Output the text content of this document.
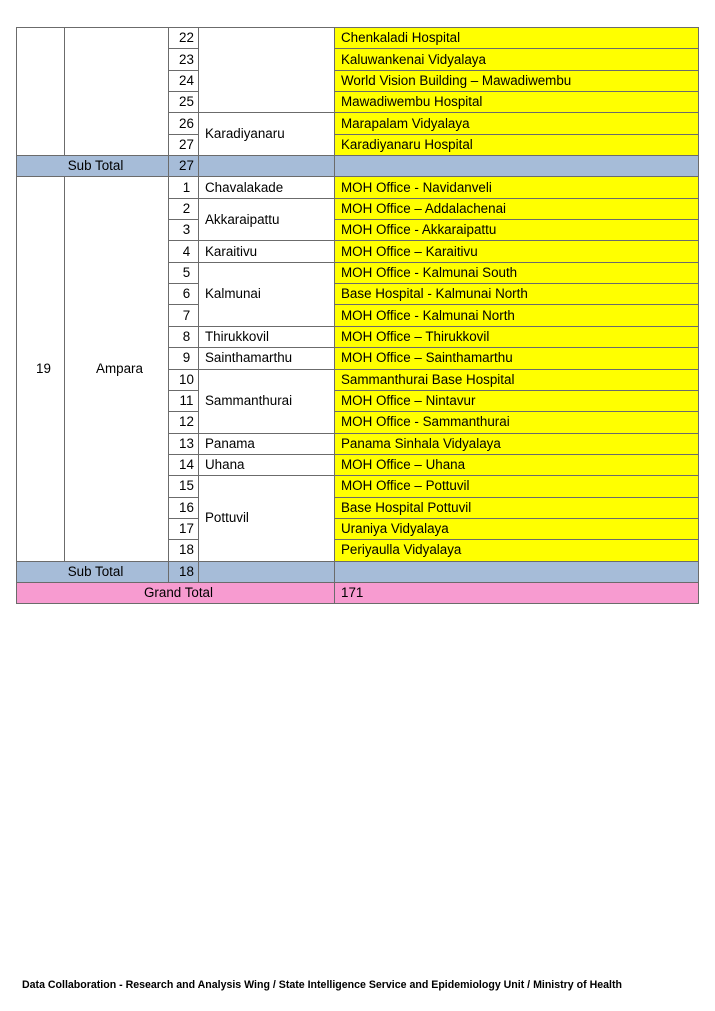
		22		Chenkaladi Hospital
		23		Kaluwankenai Vidyalaya
		24		World Vision Building – Mawadiwembu
		25		Mawadiwembu Hospital
		26	Karadiyanaru	Marapalam Vidyalaya
		27		Karadiyanaru Hospital
Sub Total		27		
19	Ampara	1	Chavalakade	MOH Office - Navidanveli
		2	Akkaraipattu	MOH Office – Addalachenai
		3		MOH Office - Akkaraipattu
		4	Karaitivu	MOH Office – Karaitivu
		5	Kalmunai	MOH Office - Kalmunai South
		6		Base Hospital - Kalmunai North
		7		MOH Office - Kalmunai North
		8	Thirukkovil	MOH Office – Thirukkovil
		9	Sainthamarthu	MOH Office – Sainthamarthu
		10	Sammanthurai	Sammanthurai Base Hospital
		11		MOH Office – Nintavur
		12		MOH Office - Sammanthurai
		13	Panama	Panama Sinhala Vidyalaya
		14	Uhana	MOH Office – Uhana
		15	Pottuvil	MOH Office – Pottuvil
		16		Base Hospital Pottuvil
		17		Uraniya Vidyalaya
		18		Periyaulla Vidyalaya
Sub Total		18		
Grand Total				171
Data Collaboration - Research and Analysis Wing / State Intelligence Service and Epidemiology Unit / Ministry of Health
